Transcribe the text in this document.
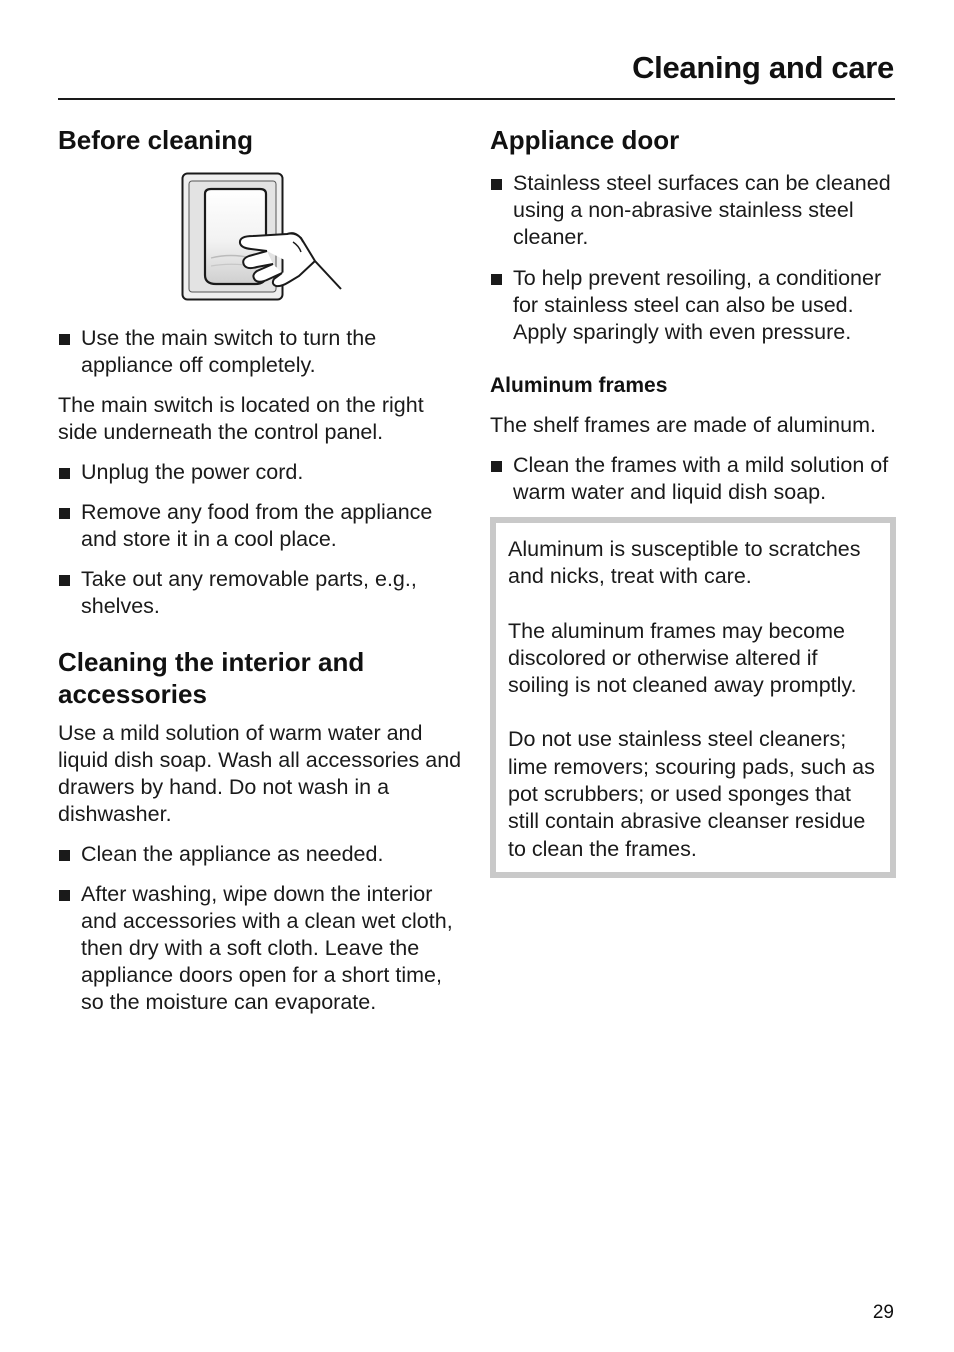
Cleaning and care
Before cleaning
Use the main switch to turn the appliance off completely.

The main switch is located on the right side underneath the control panel.

Unplug the power cord.
Remove any food from the appliance and store it in a cool place.
Take out any removable parts, e.g., shelves.
Cleaning the interior and accessories

Use a mild solution of warm water and liquid dish soap. Wash all accessories and drawers by hand. Do not wash in a dishwasher.

Clean the appliance as needed.
After washing, wipe down the interior and accessories with a clean wet cloth, then dry with a soft cloth. Leave the appliance doors open for a short time, so the moisture can evaporate.
Appliance door
Stainless steel surfaces can be cleaned using a non-abrasive stainless steel cleaner.
To help prevent resoiling, a conditioner for stainless steel can also be used. Apply sparingly with even pressure.
Aluminum frames

The shelf frames are made of aluminum.

Clean the frames with a mild solution of warm water and liquid dish soap.

Aluminum is susceptible to scratches and nicks, treat with care.

The aluminum frames may become discolored or otherwise altered if soiling is not cleaned away promptly.

Do not use stainless steel cleaners; lime removers; scouring pads, such as pot scrubbers; or used sponges that still contain abrasive cleanser residue to clean the frames.

29
